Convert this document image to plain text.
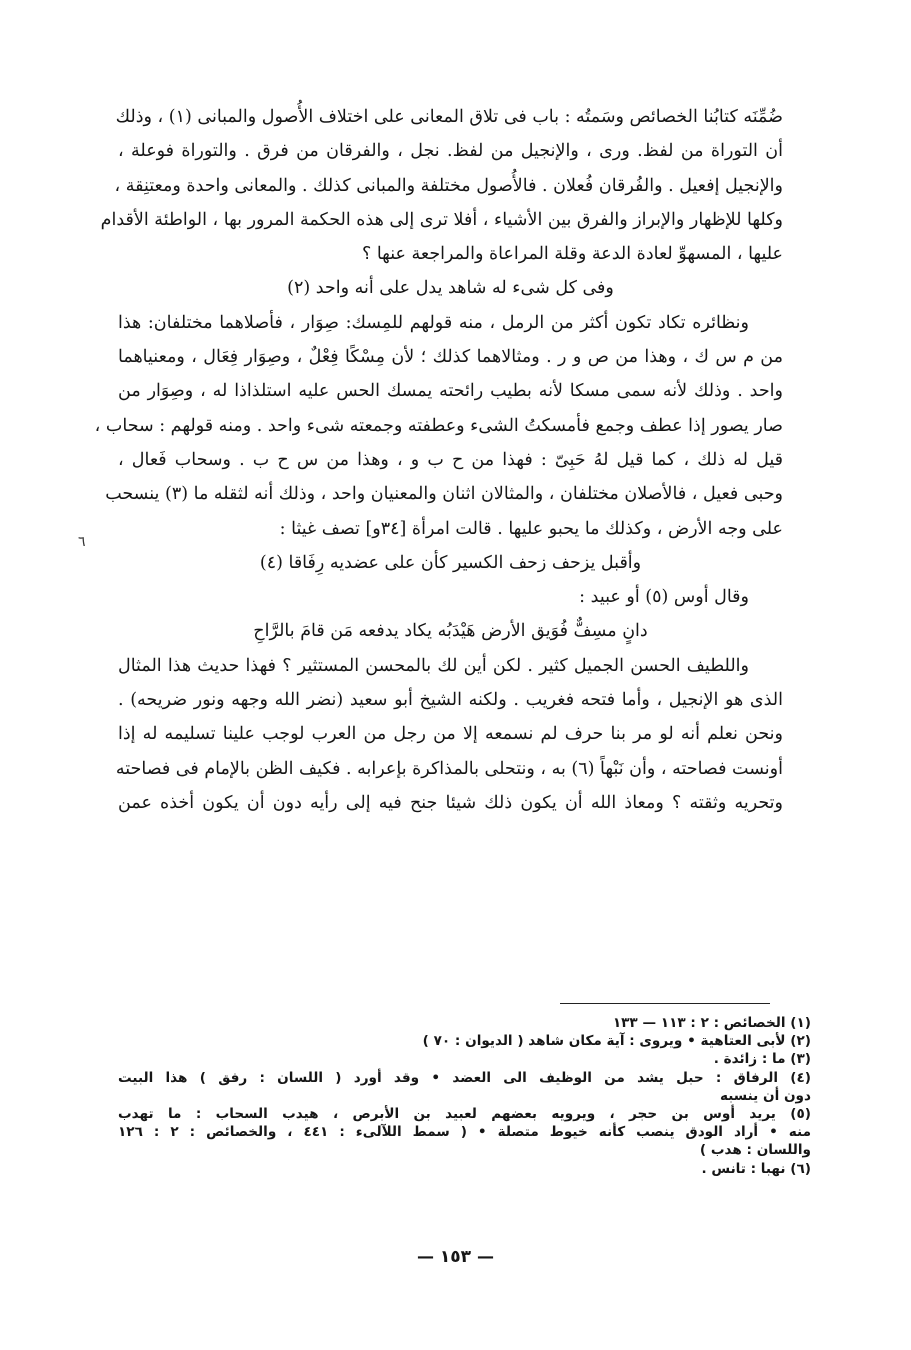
ضُمِّنَه كتابُنا الخصائص وسَمتُه : باب فى تلاق المعانى على اختلاف الأُصول والمبانى (١) ، وذلك
أن التوراة من لفظ. ورى ، والإنجيل من لفظ. نجل ، والفرقان من فرق . والتوراة فوعلة ،
والإنجيل إفعيل . والفُرقان فُعلان . فالأُصول مختلفة والمبانى كذلك . والمعانى واحدة ومعتنِقة ،
وكلها للإظهار والإبراز والفرق بين الأشياء ، أفلا ترى إلى هذه الحكمة المرور بها ، الواطئة الأقدام
عليها ، المسهوِّ لعادة الدعة وقلة المراعاة والمراجعة عنها ؟
وفى كل شىء له شاهد يدل على أنه واحد (٢)
ونظائره تكاد تكون أكثر من الرمل ، منه قولهم للمِسك: صِوَار ، فأصلاهما مختلفان: هذا
من م س ك ، وهذا من ص و ر . ومثالاهما كذلك ؛ لأن مِسْكًا فِعْلٌ ، وصِوَار فِعَال ، ومعنياهما
واحد . وذلك لأنه سمى مسكا لأنه بطيب رائحته يمسك الحس عليه استلذاذا له ، وصِوَار من
صار يصور إذا عطف وجمع فأمسكتُ الشىء وعطفته وجمعته شىء واحد . ومنه قولهم : سحاب ،
قيل له ذلك ، كما قيل لهُ حَبِىّ : فهذا من ح ب و ، وهذا من س ح ب . وسحاب فَعال ،
وحبى فعيل ، فالأصلان مختلفان ، والمثالان اثنان والمعنيان واحد ، وذلك أنه لثقله ما (٣) ينسحب
على وجه الأرض ، وكذلك ما يحبو عليها . قالت امرأة [٣٤و] تصف غيثا :
وأقبل يزحف زحف الكسير كأن على عضديه رِفَاقا (٤)
وقال أوس (٥) أو عبيد :
دانٍ مسِفٌّ فُوَيق الأرض هَيْدَبُه يكاد يدفعه مَن قامَ بالرَّاحِ
واللطيف الحسن الجميل كثير . لكن أين لك بالمحسن المستثير ؟ فهذا حديث هذا المثال
الذى هو الإنجيل ، وأما فتحه فغريب . ولكنه الشيخ أبو سعيد (نضر الله وجهه ونور ضريحه) .
ونحن نعلم أنه لو مر بنا حرف لم نسمعه إلا من رجل من العرب لوجب علينا تسليمه له إذا
أونست فصاحته ، وأن نَبْهاً (٦) به ، ونتحلى بالمذاكرة بإعرابه . فكيف الظن بالإمام فى فصاحته
وتحريه وثقته ؟ ومعاذ الله أن يكون ذلك شيئا جنح فيه إلى رأيه دون أن يكون أخذه عمن
٦
(١) الخصائص : ٢ : ١١٣ — ١٣٣
(٢) لأبى العتاهية • ويروى : آية مكان شاهد ( الديوان : ٧٠ )
(٣) ما : زائدة .
(٤) الرفاق : حبل يشد من الوظيف الى العضد • وقد أورد ( اللسان : رفق ) هذا البيت
دون أن ينسبه
(٥) يريد أوس بن حجر ، ويرويه بعضهم لعبيد بن الأبرص ، هيدب السحاب : ما تهدب
منه • أراد الودق ينصب كأنه خيوط متصلة • ( سمط اللآلىء : ٤٤١ ، والخصائص : ٢ : ١٢٦
واللسان : هدب )
(٦) نهبا : تانس .
— ١٥٣ —
